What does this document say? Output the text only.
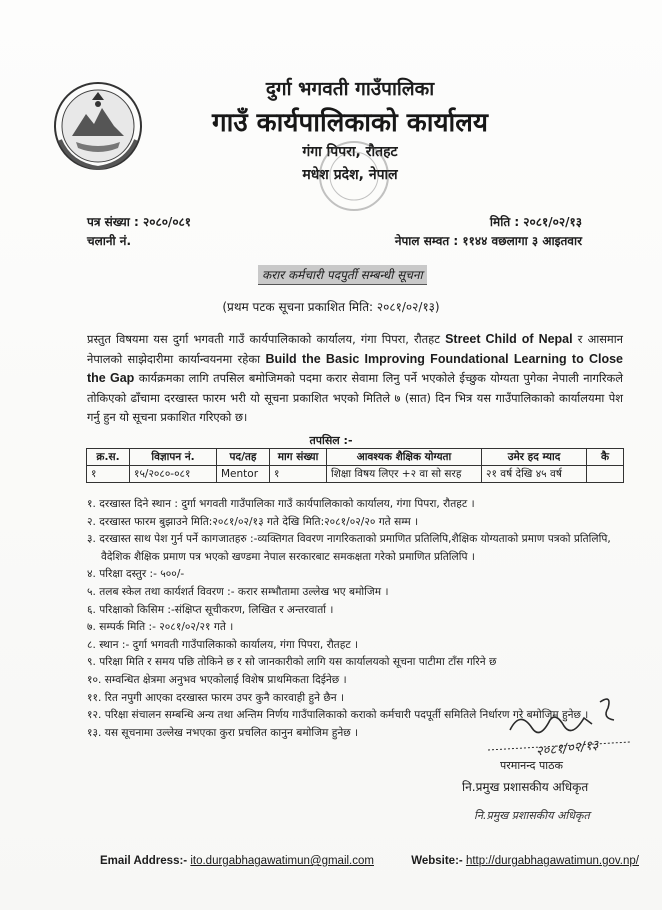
दुर्गा भगवती गाउँपालिका
गाउँ कार्यपालिकाको कार्यालय
गंगा पिपरा, रौतहट
मधेश प्रदेश, नेपाल
पत्र संख्या : २०८०/०८१
चलानी नं.
मिति : २०८१/०२/१३
नेपाल सम्वत : ११४४ वछलागा ३ आइतवार
करार कर्मचारी पदपुर्ती सम्बन्धी सूचना
(प्रथम पटक सूचना प्रकाशित मिति: २०८१/०२/१३)
प्रस्तुत विषयमा यस दुर्गा भगवती गाउँ कार्यपालिकाको कार्यालय, गंगा पिपरा, रौतहट Street Child of Nepal र आसमान नेपालको साझेदारीमा कार्यान्वयनमा रहेका Build the Basic Improving Foundational Learning to Close the Gap कार्यक्रमका लागि तपसिल बमोजिमको पदमा करार सेवामा लिनु पर्ने भएकोले ईच्छुक योग्यता पुगेका नेपाली नागरिकले तोकिएको ढाँचामा दरखास्त फारम भरी यो सूचना प्रकाशित भएको मितिले ७ (सात) दिन भित्र यस गाउँपालिकाको कार्यालयमा पेश गर्नु हुन यो सूचना प्रकाशित गरिएको छ।
तपसिल :-
क्र.स.	विज्ञापन नं.	पद/तह	माग संख्या	आवश्यक शैक्षिक योग्यता	उमेर हद म्याद	कै
१	१५/२०८०-०८१	Mentor	१	शिक्षा विषय लिएर +२ वा सो सरह	२१ वर्ष देखि ४५ वर्ष	
१. दरखास्त दिने स्थान : दुर्गा भगवती गाउँपालिका गाउँ कार्यपालिकाको कार्यालय, गंगा पिपरा, रौतहट ।
२. दरखास्त फारम बुझाउने मिति:२०८१/०२/१३ गते देखि मिति:२०८१/०२/२० गते सम्म ।
३. दरखास्त साथ पेश गुर्न पर्ने कागजातहरु :-व्यक्तिगत विवरण नागरिकताको प्रमाणित प्रतिलिपि,शैक्षिक योग्यताको प्रमाण पत्रको प्रतिलिपि, वैदेशिक शैक्षिक प्रमाण पत्र भएको खण्डमा नेपाल सरकारबाट समकक्षता गरेको प्रमाणित प्रतिलिपि ।
४. परिक्षा दस्तुर :- ५००/-
५. तलब स्केल तथा कार्यशर्त विवरण :- करार सम्भौतामा उल्लेख भए बमोजिम ।
६. परिक्षाको किसिम :-संक्षिप्त सूचीकरण, लिखित र अन्तरवार्ता ।
७. सम्पर्क मिति :- २०८१/०२/२१ गते ।
८. स्थान :- दुर्गा भगवती गाउँपालिकाको कार्यालय, गंगा पिपरा, रौतहट ।
९. परिक्षा मिति र समय पछि तोकिने छ र सो जानकारीको लागि यस कार्यालयको सूचना पाटीमा टाँस गरिने छ
१०. सम्वन्धित क्षेत्रमा अनुभव भएकोलाई विशेष प्राथमिकता दिईनेछ ।
११. रित नपुगी आएका दरखास्त फारम उपर कुनै कारवाही हुने छैन ।
१२. परिक्षा संचालन सम्बन्धि अन्य तथा अन्तिम निर्णय गाउँपालिकाको कराको कर्मचारी पदपूर्ती समितिले निर्धारण गरे बमोजिम हुनेछ ।
१३. यस सूचनामा उल्लेख नभएका कुरा प्रचलित कानुन बमोजिम हुनेछ ।
२०८१/०२/१३
परमानन्द पाठक
नि.प्रमुख प्रशासकीय अधिकृत
नि.प्रमुख प्रशासकीय अधिकृत
Email Address:- ito.durgabhagawatimun@gmail.com	Website:- http://durgabhagawatimun.gov.np/
